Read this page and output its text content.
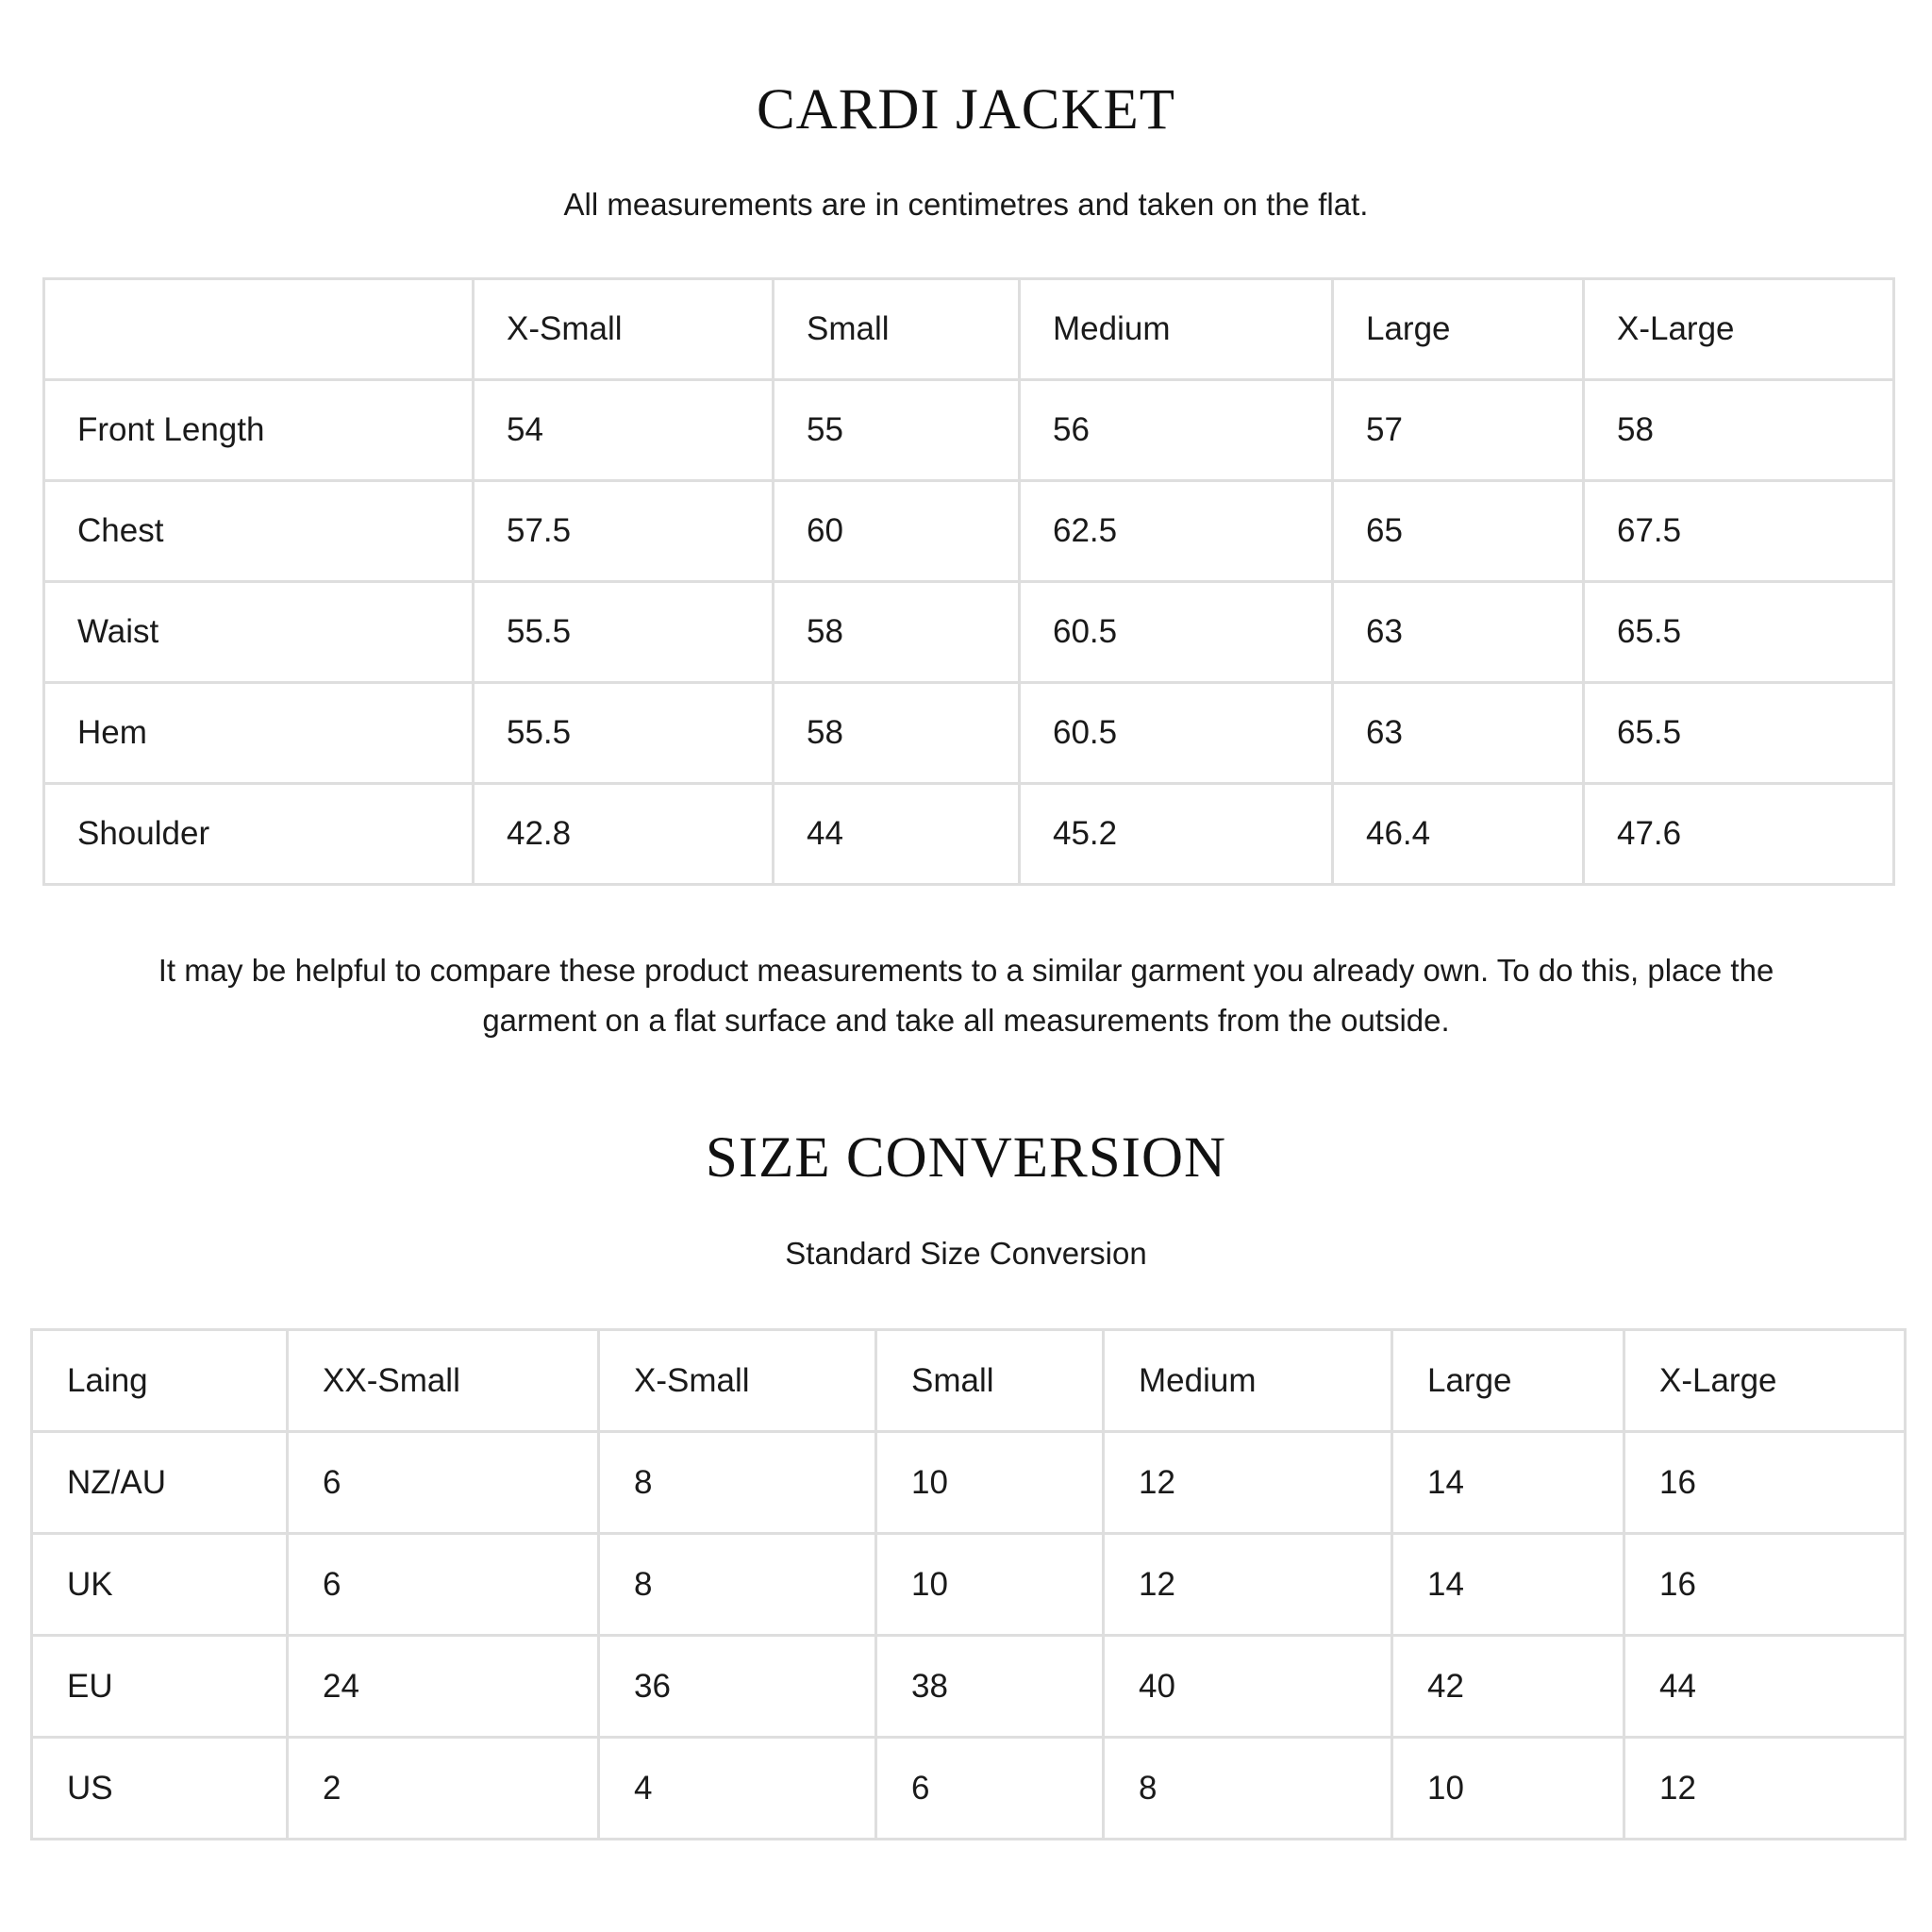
CARDI JACKET
All measurements are in centimetres and taken on the flat.
	X-Small	Small	Medium	Large	X-Large
Front Length	54	55	56	57	58
Chest	57.5	60	62.5	65	67.5
Waist	55.5	58	60.5	63	65.5
Hem	55.5	58	60.5	63	65.5
Shoulder	42.8	44	45.2	46.4	47.6
It may be helpful to compare these product measurements to a similar garment you already own. To do this, place the
garment on a flat surface and take all measurements from the outside.
SIZE CONVERSION
Standard Size Conversion
Laing	XX-Small	X-Small	Small	Medium	Large	X-Large
NZ/AU	6	8	10	12	14	16
UK	6	8	10	12	14	16
EU	24	36	38	40	42	44
US	2	4	6	8	10	12
